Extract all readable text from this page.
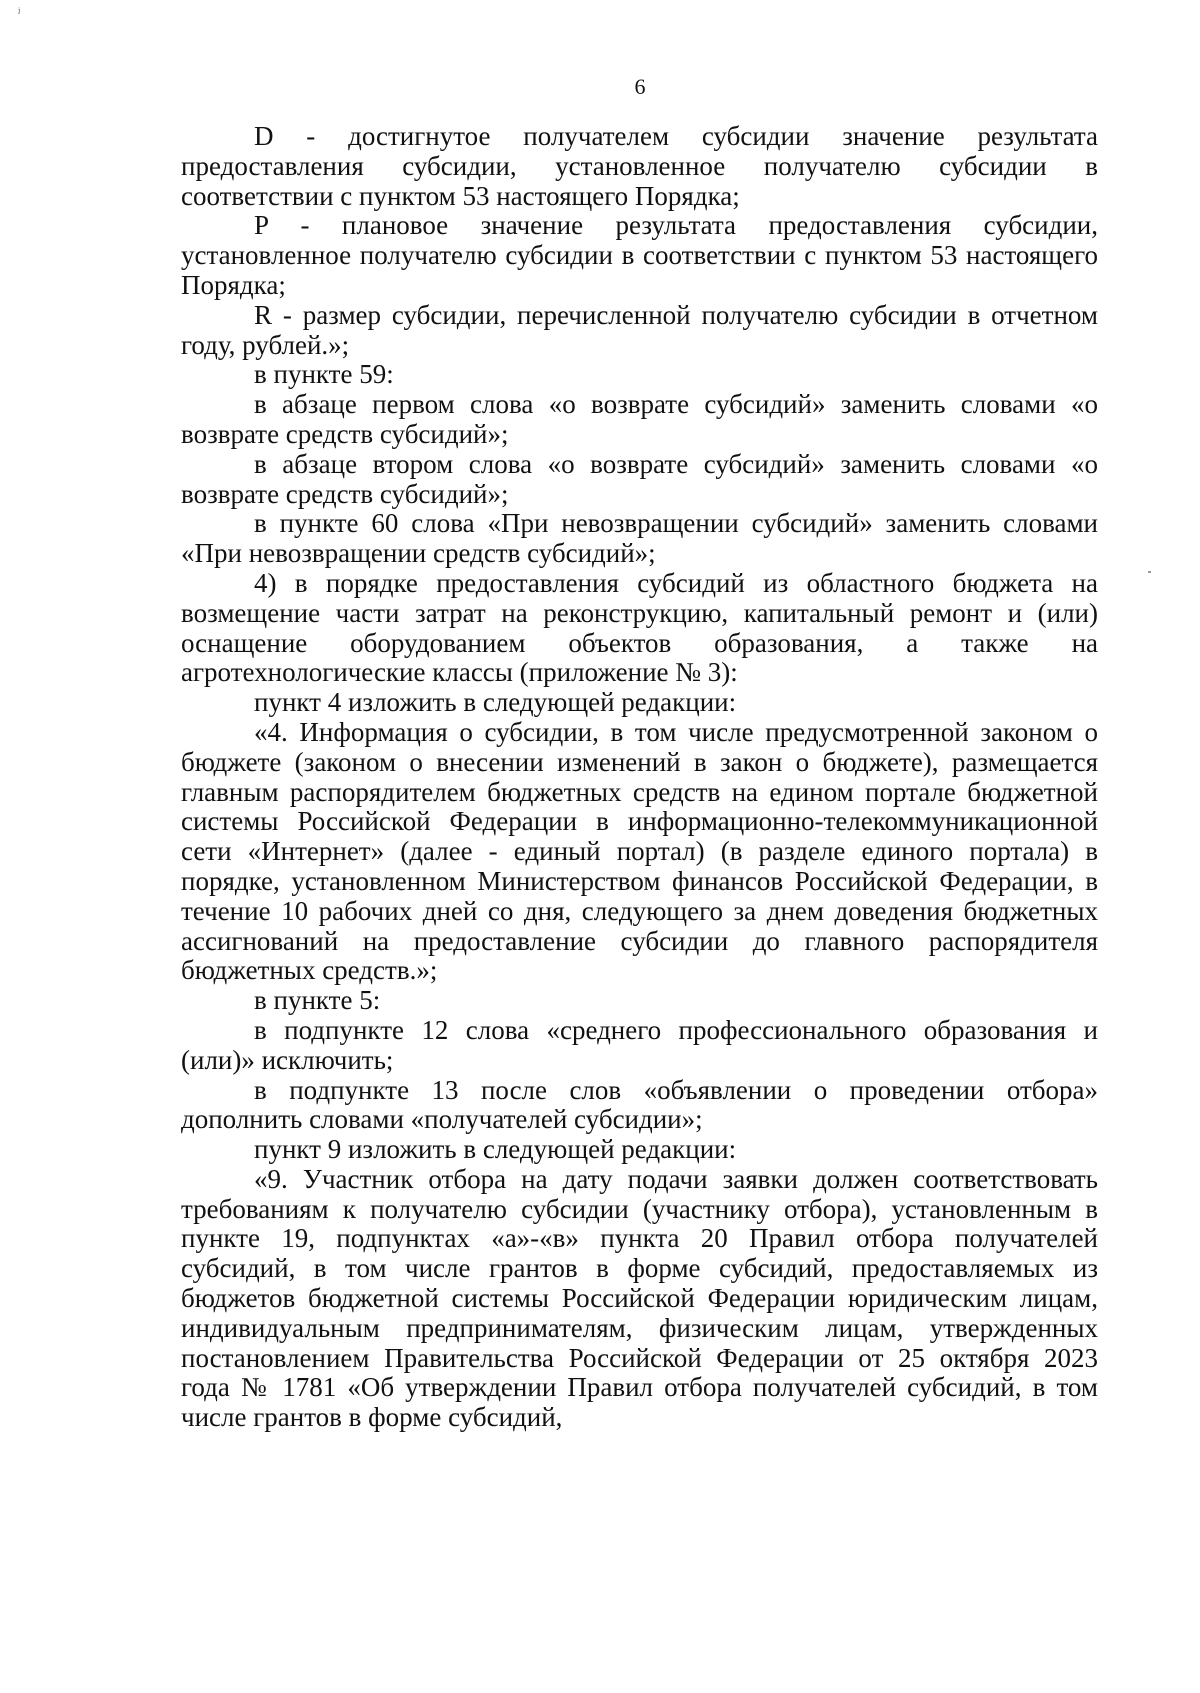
ʲ
6

D - достигнутое получателем субсидии значение результата предоставления субсидии, установленное получателю субсидии в соответствии с пунктом 53 настоящего Порядка;

P - плановое значение результата предоставления субсидии, установленное получателю субсидии в соответствии с пунктом 53 настоящего Порядка;

R - размер субсидии, перечисленной получателю субсидии в отчетном году, рублей.»;

в пункте 59:

в абзаце первом слова «о возврате субсидий» заменить словами «о возврате средств субсидий»;

в абзаце втором слова «о возврате субсидий» заменить словами «о возврате средств субсидий»;

в пункте 60 слова «При невозвращении субсидий» заменить словами «При невозвращении средств субсидий»;

4) в порядке предоставления субсидий из областного бюджета на возмещение части затрат на реконструкцию, капитальный ремонт и (или) оснащение оборудованием объектов образования, а также на агротехнологические классы (приложение № 3):

пункт 4 изложить в следующей редакции:

«4. Информация о субсидии, в том числе предусмотренной законом о бюджете (законом о внесении изменений в закон о бюджете), размещается главным распорядителем бюджетных средств на едином портале бюджетной системы Российской Федерации в информационно-телекоммуникационной сети «Интернет» (далее - единый портал) (в разделе единого портала) в порядке, установленном Министерством финансов Российской Федерации, в течение 10 рабочих дней со дня, следующего за днем доведения бюджетных ассигнований на предоставление субсидии до главного распорядителя бюджетных средств.»;

в пункте 5:

в подпункте 12 слова «среднего профессионального образования и (или)» исключить;

в подпункте 13 после слов «объявлении о проведении отбора» дополнить словами «получателей субсидии»;

пункт 9 изложить в следующей редакции:

«9. Участник отбора на дату подачи заявки должен соответствовать требованиям к получателю субсидии (участнику отбора), установленным в пункте 19, подпунктах «а»-«в» пункта 20 Правил отбора получателей субсидий, в том числе грантов в форме субсидий, предоставляемых из бюджетов бюджетной системы Российской Федерации юридическим лицам, индивидуальным предпринимателям, физическим лицам, утвержденных постановлением Правительства Российской Федерации от 25 октября 2023 года № 1781 «Об утверждении Правил отбора получателей субсидий, в том числе грантов в форме субсидий,
